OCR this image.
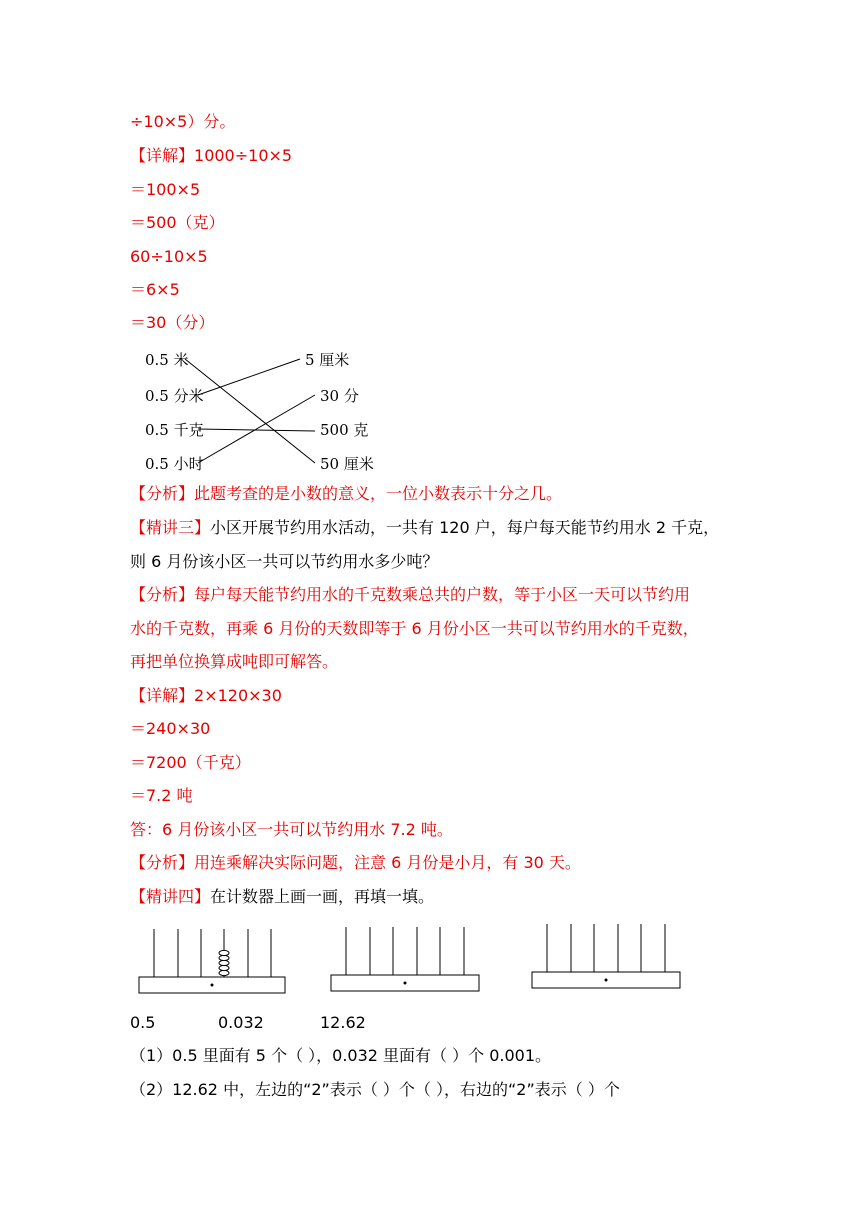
÷10×5）分。
【详解】1000÷10×5
＝100×5
＝500（克）
60÷10×5
＝6×5
＝30（分）
0.5 米
0.5 分米
0.5 千克
0.5 小时
5 厘米
30 分
500 克
50 厘米
【分析】此题考查的是小数的意义，一位小数表示十分之几。
【精讲三】小区开展节约用水活动，一共有 120 户，每户每天能节约用水 2 千克，
则 6 月份该小区一共可以节约用水多少吨？
【分析】每户每天能节约用水的千克数乘总共的户数，等于小区一天可以节约用
水的千克数，再乘 6 月份的天数即等于 6 月份小区一共可以节约用水的千克数，
再把单位换算成吨即可解答。
【详解】2×120×30
＝240×30
＝7200（千克）
＝7.2 吨
答：6 月份该小区一共可以节约用水 7.2 吨。
【分析】用连乘解决实际问题，注意 6 月份是小月，有 30 天。
【精讲四】在计数器上画一画，再填一填。
0.5	0.032	12.62
（1）0.5 里面有 5 个（ ），0.032 里面有（ ）个 0.001。
（2）12.62 中，左边的“2”表示（ ）个（ ），右边的“2”表示（ ）个
